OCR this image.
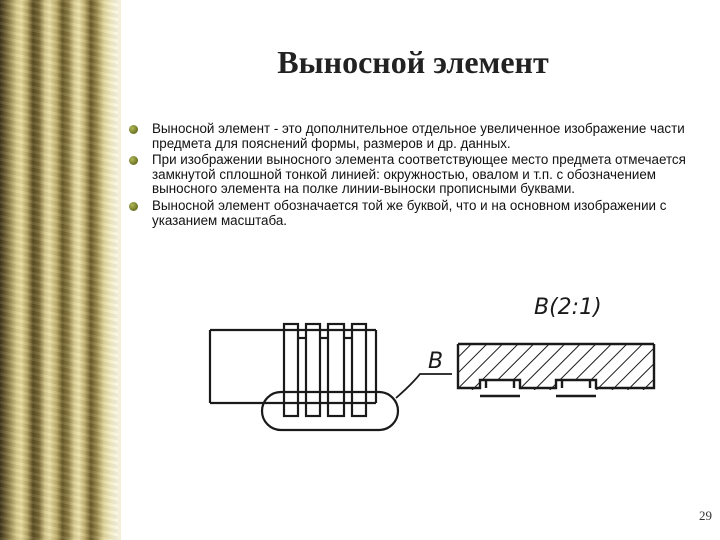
Выносной элемент
Выносной элемент - это дополнительное отдельное увеличенное изображение части предмета для пояснений формы, размеров и др. данных.
При изображении выносного элемента соответствующее место предмета отмечается замкнутой сплошной тонкой линией: окружностью, овалом и т.п. с обозначением выносного элемента на полке линии-выноски прописными буквами.
Выносной элемент обозначается той же буквой, что и на основном изображении с указанием масштаба.
B
B(2:1)
29
